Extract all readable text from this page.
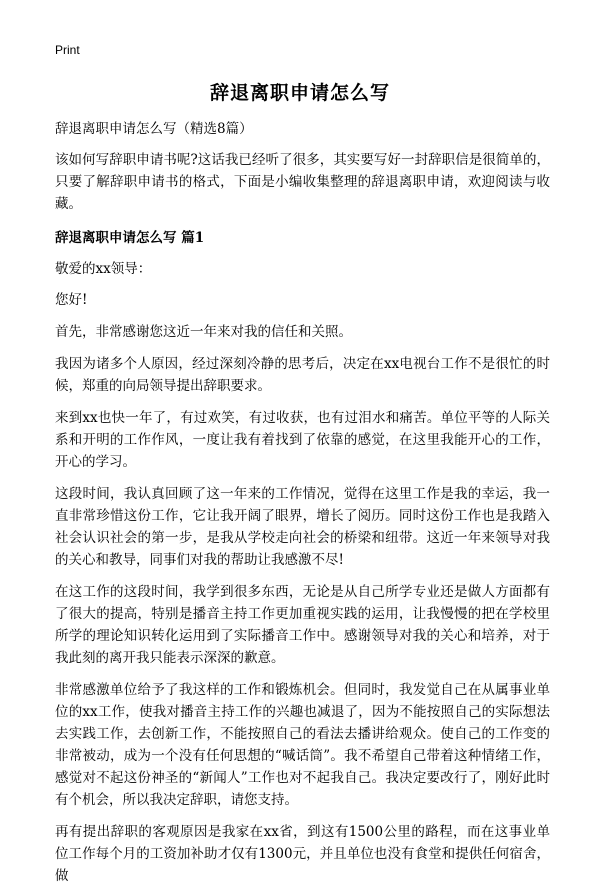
Print
辞退离职申请怎么写

辞退离职申请怎么写（精选8篇）

该如何写辞职申请书呢?这话我已经听了很多，其实要写好一封辞职信是很简单的，只要了解辞职申请书的格式，下面是小编收集整理的辞退离职申请，欢迎阅读与收藏。

辞退离职申请怎么写 篇1

敬爱的xx领导：

您好!

首先，非常感谢您这近一年来对我的信任和关照。

我因为诸多个人原因，经过深刻冷静的思考后，决定在xx电视台工作不是很忙的时候，郑重的向局领导提出辞职要求。

来到xx也快一年了，有过欢笑，有过收获，也有过泪水和痛苦。单位平等的人际关系和开明的工作作风，一度让我有着找到了依靠的感觉，在这里我能开心的工作，开心的学习。

这段时间，我认真回顾了这一年来的工作情况，觉得在这里工作是我的幸运，我一直非常珍惜这份工作，它让我开阔了眼界，增长了阅历。同时这份工作也是我踏入社会认识社会的第一步，是我从学校走向社会的桥梁和纽带。这近一年来领导对我的关心和教导，同事们对我的帮助让我感激不尽!

在这工作的这段时间，我学到很多东西，无论是从自己所学专业还是做人方面都有了很大的提高，特别是播音主持工作更加重视实践的运用，让我慢慢的把在学校里所学的理论知识转化运用到了实际播音工作中。感谢领导对我的关心和培养，对于我此刻的离开我只能表示深深的歉意。

非常感激单位给予了我这样的工作和锻炼机会。但同时，我发觉自己在从属事业单位的xx工作，使我对播音主持工作的兴趣也减退了，因为不能按照自己的实际想法去实践工作，去创新工作，不能按照自己的看法去播讲给观众。使自己的工作变的非常被动，成为一个没有任何思想的“喊话筒”。我不希望自己带着这种情绪工作，感觉对不起这份神圣的“新闻人”工作也对不起我自己。我决定要改行了，刚好此时有个机会，所以我决定辞职，请您支持。

再有提出辞职的客观原因是我家在xx省，到这有1500公里的路程，而在这事业单位工作每个月的工资加补助才仅有1300元，并且单位也没有食堂和提供任何宿舍，做
